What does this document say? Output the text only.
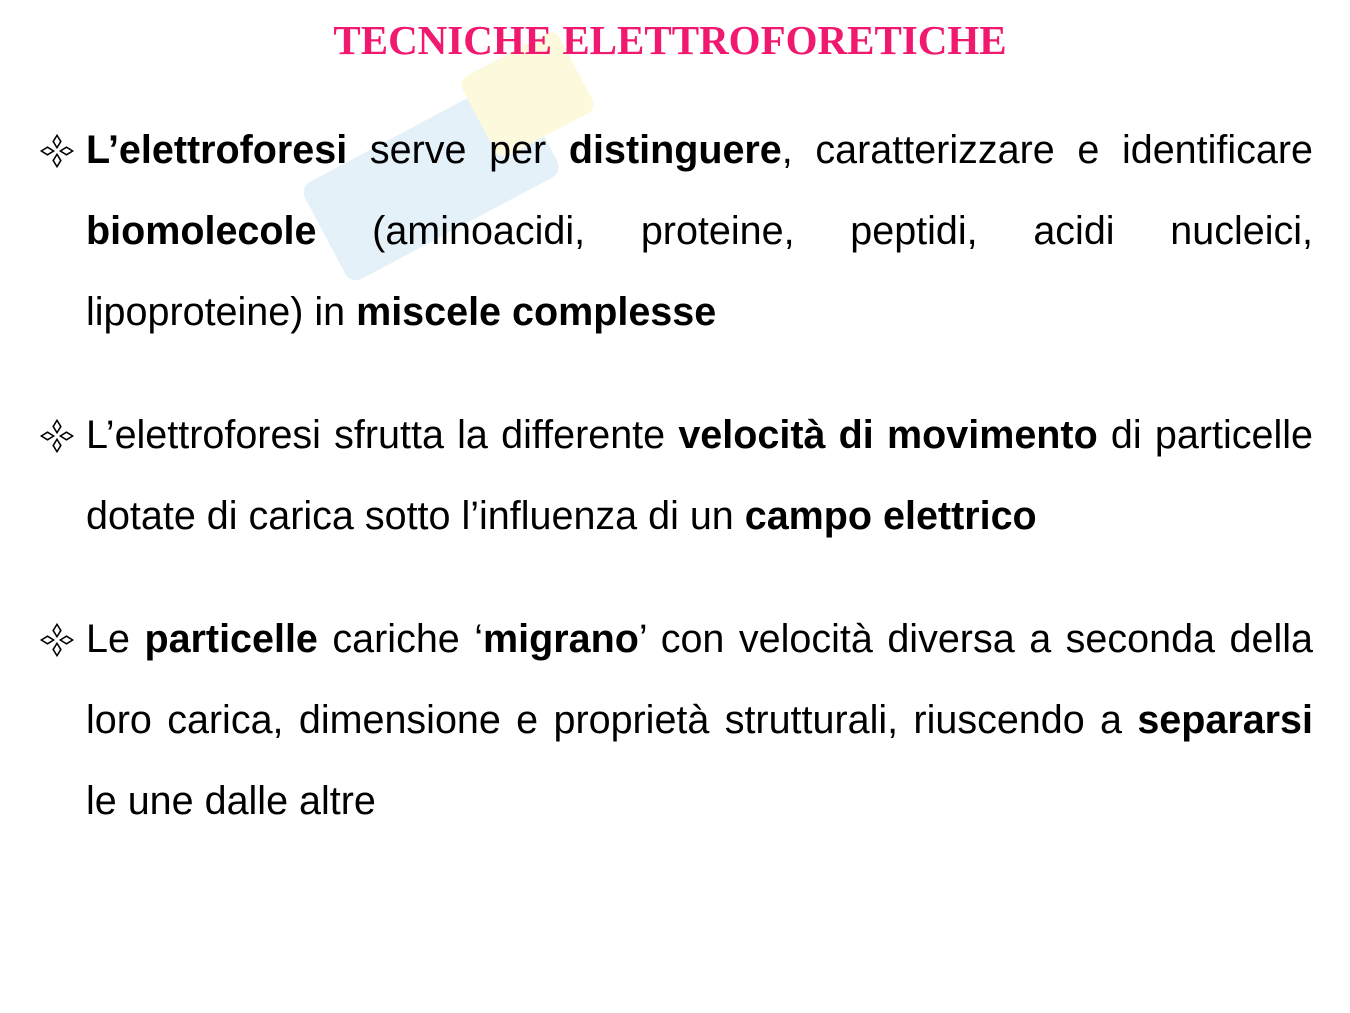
TECNICHE ELETTROFORETICHE
L’elettroforesi serve per distinguere, caratterizzare e identificare biomolecole (aminoacidi, proteine, peptidi, acidi nucleici, lipoproteine) in miscele complesse
L’elettroforesi sfrutta la differente velocità di movimento di particelle dotate di carica sotto l’influenza di un campo elettrico
Le particelle cariche ‘migrano’ con velocità diversa a seconda della loro carica, dimensione e proprietà strutturali, riuscendo a separarsi le une dalle altre
